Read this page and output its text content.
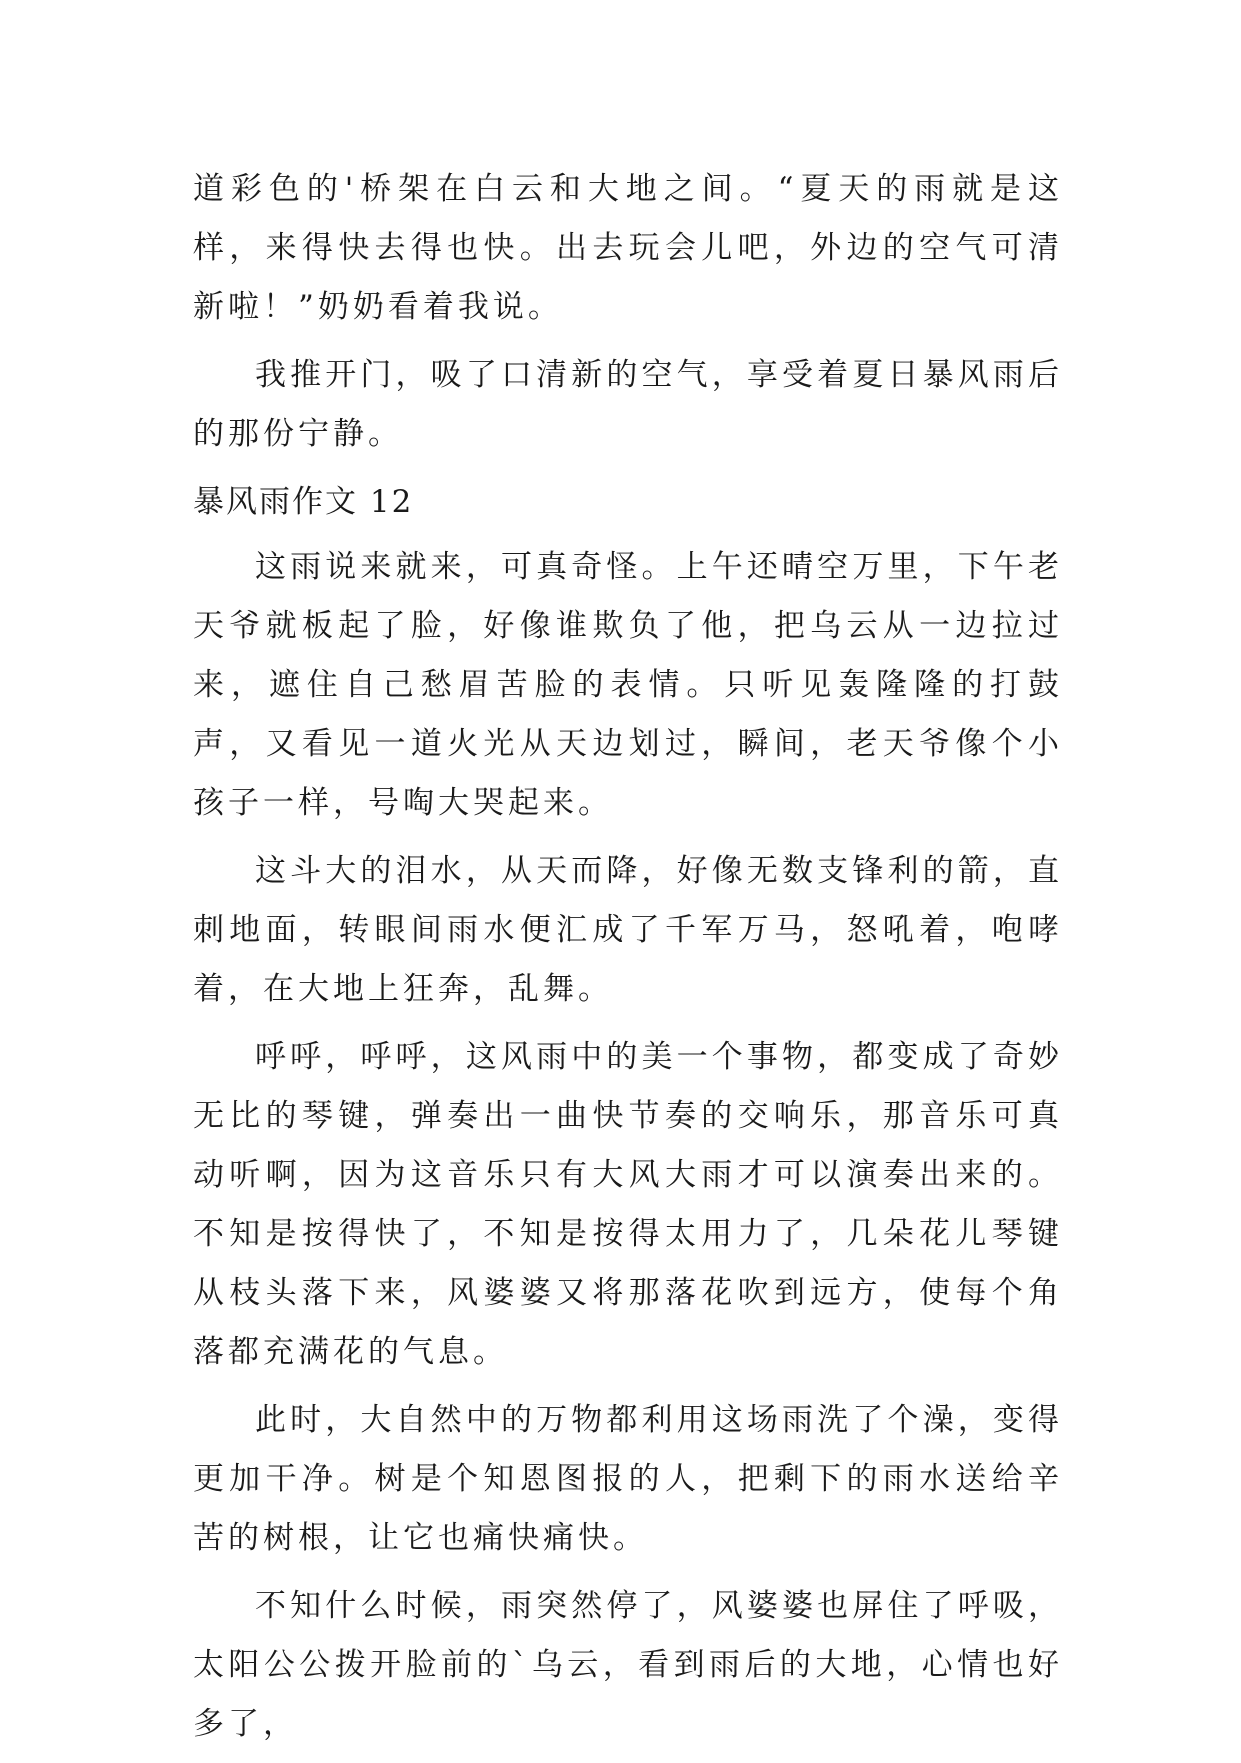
道彩色的'桥架在白云和大地之间。“夏天的雨就是这样，来得快去得也快。出去玩会儿吧，外边的空气可清新啦！”奶奶看着我说。

我推开门，吸了口清新的空气，享受着夏日暴风雨后的那份宁静。

暴风雨作文 12

这雨说来就来，可真奇怪。上午还晴空万里，下午老天爷就板起了脸，好像谁欺负了他，把乌云从一边拉过来，遮住自己愁眉苦脸的表情。只听见轰隆隆的打鼓声，又看见一道火光从天边划过，瞬间，老天爷像个小孩子一样，号啕大哭起来。

这斗大的泪水，从天而降，好像无数支锋利的箭，直刺地面，转眼间雨水便汇成了千军万马，怒吼着，咆哮着，在大地上狂奔，乱舞。

呼呼，呼呼，这风雨中的美一个事物，都变成了奇妙无比的琴键，弹奏出一曲快节奏的交响乐，那音乐可真动听啊，因为这音乐只有大风大雨才可以演奏出来的。不知是按得快了，不知是按得太用力了，几朵花儿琴键从枝头落下来，风婆婆又将那落花吹到远方，使每个角落都充满花的气息。

此时，大自然中的万物都利用这场雨洗了个澡，变得更加干净。树是个知恩图报的人，把剩下的雨水送给辛苦的树根，让它也痛快痛快。

不知什么时候，雨突然停了，风婆婆也屏住了呼吸，太阳公公拨开脸前的`乌云，看到雨后的大地，心情也好多了，
